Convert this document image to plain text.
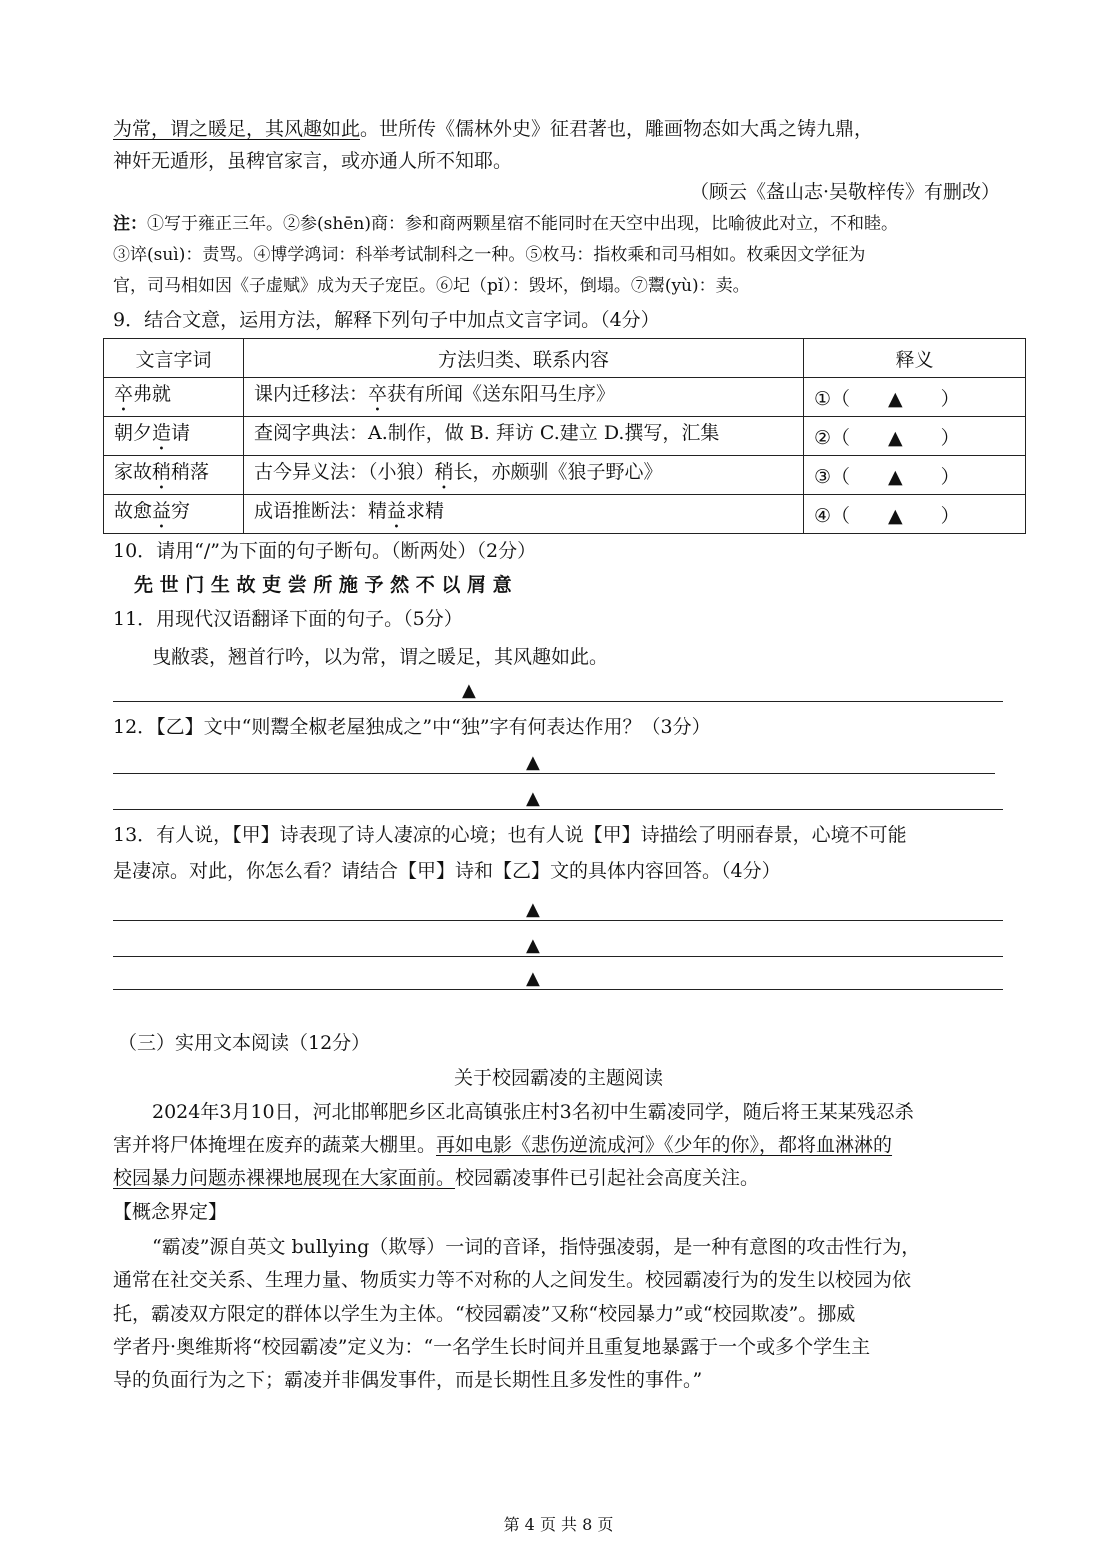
为常，谓之暖足，其风趣如此。世所传《儒林外史》征君著也，雕画物态如大禹之铸九鼎，
神奸无遁形，虽稗官家言，或亦通人所不知耶。
（顾云《盋山志·吴敬梓传》有删改）
注：①写于雍正三年。②参(shēn)商：参和商两颗星宿不能同时在天空中出现，比喻彼此对立，不和睦。
③谇(suì)：责骂。④博学鸿词：科举考试制科之一种。⑤枚马：指枚乘和司马相如。枚乘因文学征为
官，司马相如因《子虚赋》成为天子宠臣。⑥圮（pǐ）：毁坏，倒塌。⑦鬻(yù)：卖。
9．结合文意，运用方法，解释下列句子中加点文言字词。（4分）
文言字词	方法归类、联系内容	释义
卒弗就	课内迁移法：卒获有所闻《送东阳马生序》	①（　　▲　　）
朝夕造请	查阅字典法：A.制作，做 B. 拜访 C.建立 D.撰写，汇集	②（　　▲　　）
家故稍稍落	古今异义法：（小狼）稍长，亦颇驯《狼子野心》	③（　　▲　　）
故愈益穷	成语推断法：精益求精	④（　　▲　　）
10．请用“/”为下面的句子断句。（断两处）（2分）
先 世 门 生 故 吏 尝 所 施 予 然 不 以 屑 意
11．用现代汉语翻译下面的句子。（5分）
曳敝裘，翘首行吟，以为常，谓之暖足，其风趣如此。
▲
12．【乙】文中“则鬻全椒老屋独成之”中“独”字有何表达作用？（3分）
▲
▲
13．有人说，【甲】诗表现了诗人凄凉的心境；也有人说【甲】诗描绘了明丽春景，心境不可能
是凄凉。对此，你怎么看？请结合【甲】诗和【乙】文的具体内容回答。（4分）
▲
▲
▲
（三）实用文本阅读（12分）
关于校园霸凌的主题阅读
2024年3月10日，河北邯郸肥乡区北高镇张庄村3名初中生霸凌同学，随后将王某某残忍杀
害并将尸体掩埋在废弃的蔬菜大棚里。再如电影《悲伤逆流成河》《少年的你》，都将血淋淋的
校园暴力问题赤裸裸地展现在大家面前。校园霸凌事件已引起社会高度关注。
【概念界定】
“霸凌”源自英文 bullying（欺辱）一词的音译，指恃强凌弱，是一种有意图的攻击性行为，
通常在社交关系、生理力量、物质实力等不对称的人之间发生。校园霸凌行为的发生以校园为依
托，霸凌双方限定的群体以学生为主体。“校园霸凌”又称“校园暴力”或“校园欺凌”。挪威
学者丹·奥维斯将“校园霸凌”定义为：“一名学生长时间并且重复地暴露于一个或多个学生主
导的负面行为之下；霸凌并非偶发事件，而是长期性且多发性的事件。”
第 4 页 共 8 页
